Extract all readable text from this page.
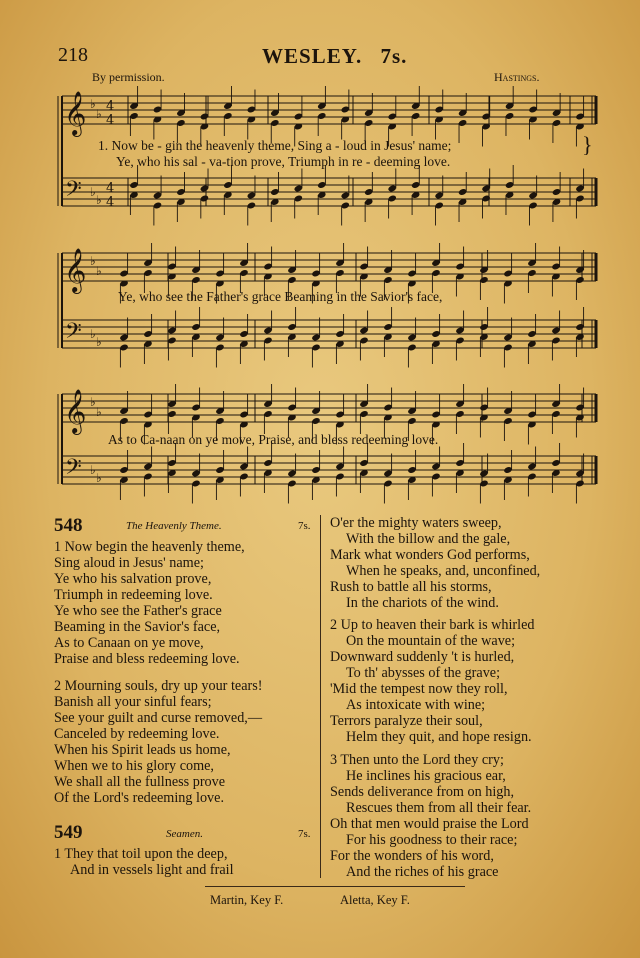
218	WESLEY. 7s.
By permission.	Hastings.
𝄞
𝄢
♭
♭
♭
♭
4
4
4
4
𝄞
𝄢
♭
♭
♭
♭
𝄞
𝄢
♭
♭
♭
♭
1. Now be - gin the heavenly theme, Sing a - loud in Jesus' name;	}
Ye, who his sal - va-tion prove, Triumph in re - deeming love.
Ye, who see the Father's grace Beaming in the Savior's face,
As to Ca-naan on ye move, Praise, and bless redeeming love.
548	The Heavenly Theme.	7s.
549	Seamen.	7s.
Martin, Key F.	Aletta, Key F.
1 Now begin the heavenly theme,
Sing aloud in Jesus' name;
Ye who his salvation prove,
Triumph in redeeming love.
Ye who see the Father's grace
Beaming in the Savior's face,
As to Canaan on ye move,
Praise and bless redeeming love.
2 Mourning souls, dry up your tears!
Banish all your sinful fears;
See your guilt and curse removed,—
Canceled by redeeming love.
When his Spirit leads us home,
When we to his glory come,
We shall all the fullness prove
Of the Lord's redeeming love.
1 They that toil upon the deep,
And in vessels light and frail
O'er the mighty waters sweep,
With the billow and the gale,
Mark what wonders God performs,
When he speaks, and, unconfined,
Rush to battle all his storms,
In the chariots of the wind.
2 Up to heaven their bark is whirled
On the mountain of the wave;
Downward suddenly 't is hurled,
To th' abysses of the grave;
'Mid the tempest now they roll,
As intoxicate with wine;
Terrors paralyze their soul,
Helm they quit, and hope resign.
3 Then unto the Lord they cry;
He inclines his gracious ear,
Sends deliverance from on high,
Rescues them from all their fear.
Oh that men would praise the Lord
For his goodness to their race;
For the wonders of his word,
And the riches of his grace
